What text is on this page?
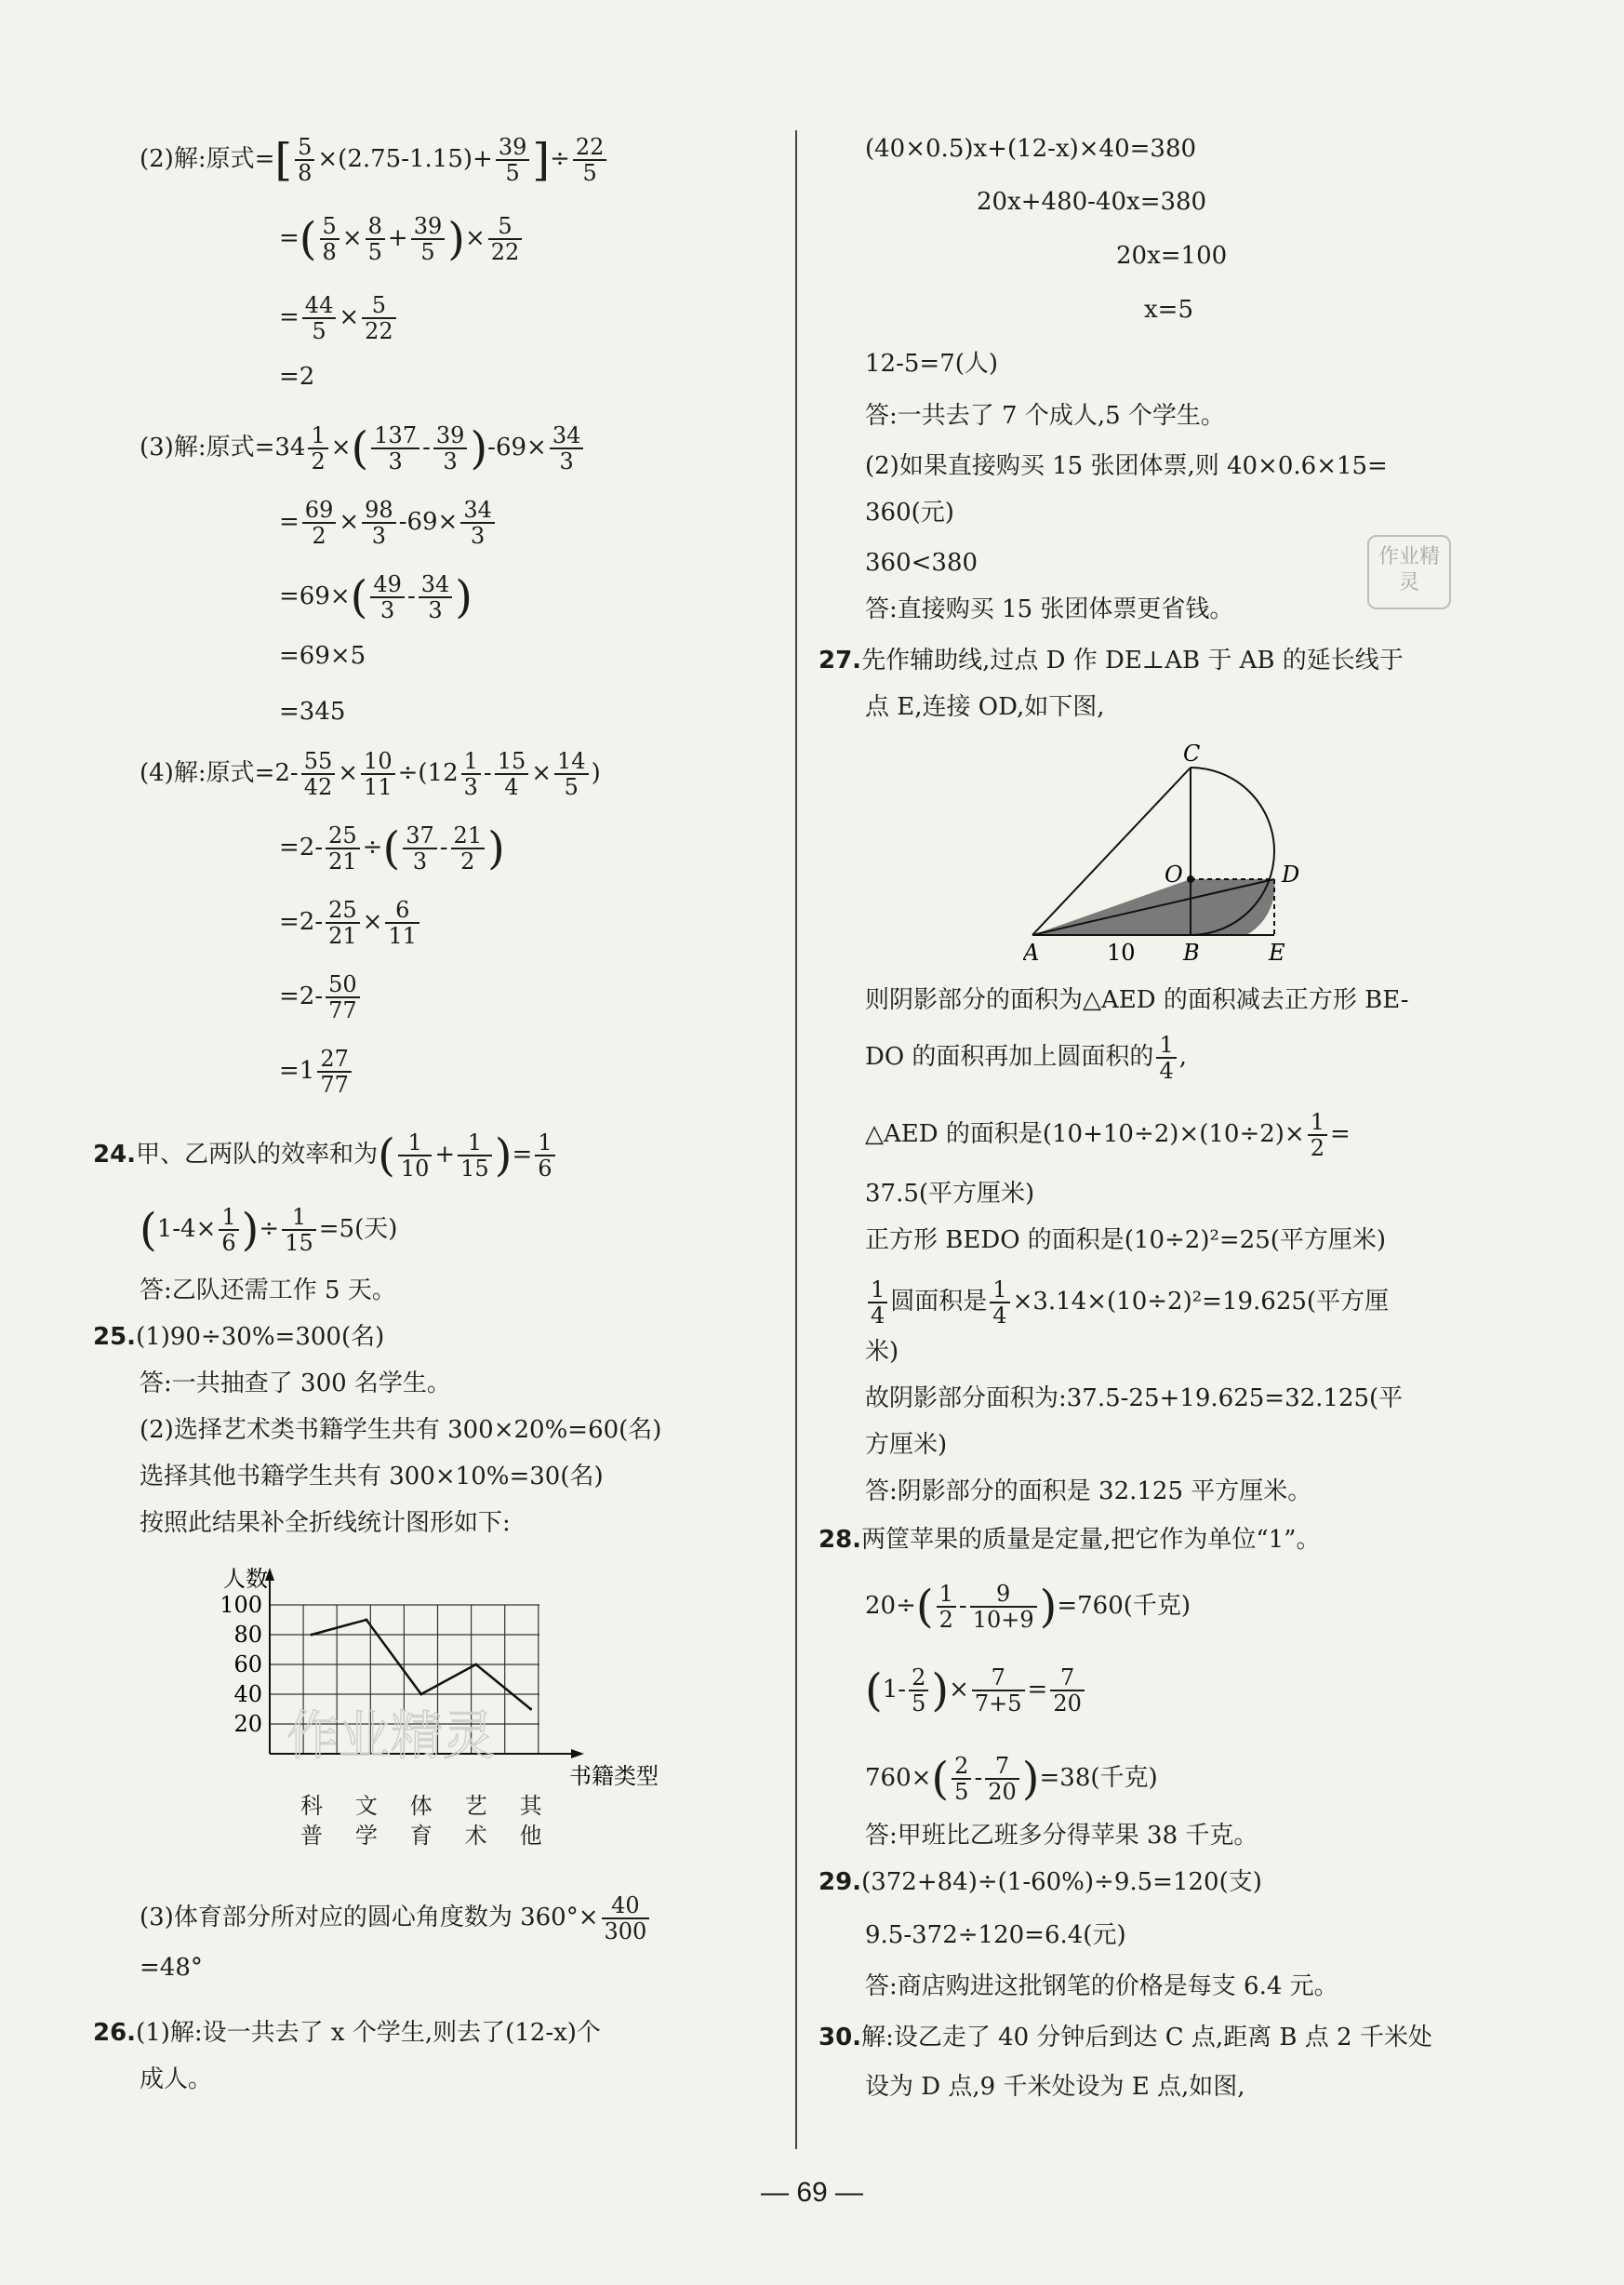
(2)解:原式=[ $\frac{5}{8} \times(2.75-1.15)+ \frac{39}{5}$ ]÷ $\frac{22}{5}$
=( $\frac{5}{8} \times \frac{8}{5} + \frac{39}{5}$ )× $\frac{5}{22}$
= $\frac{44}{5} \times \frac{5}{22}$
=2
(3)解:原式$=34 \frac{1}{2}$ ×( $\frac{137}{3} - \frac{39}{3} )-69\times \frac{34}{3}$
= $\frac{69}{2} \times \frac{98}{3} -69\times \frac{34}{3}$
$=69\times( \frac{49}{3} - \frac{34}{3}$ )
=69×5
=345
(4)解:原式$=2- \frac{55}{42} \times \frac{10}{11} \div(12 \frac{1}{3} - \frac{15}{4} \times \frac{14}{5}$ )
$=2- \frac{25}{21}$ ÷( $\frac{37}{3} - \frac{21}{2}$ )
$=2- \frac{25}{21} \times \frac{6}{11}$
$=2- \frac{50}{77}$
$=1 \frac{27}{77}$
24.甲、乙两队的效率和为( $\frac{1}{10} + \frac{1}{15}$ )= $\frac{1}{6}$
($1-4\times \frac{1}{6}$ )÷ $\frac{1}{15} =5$(天)
答:乙队还需工作 5 天。
25.(1)90÷30%=300(名)
答:一共抽查了 300 名学生。
(2)选择艺术类书籍学生共有 300×20%=60(名)
选择其他书籍学生共有 300×10%=30(名)
按照此结果补全折线统计图形如下:
20
40
60
80
100
人数
书籍类型
作业精灵
科普
文学
体育
艺术
其他
(3)体育部分所对应的圆心角度数为 $360^\circ\times \frac{40}{300}$
=48°
26.(1)解:设一共去了 x 个学生,则去了(12-x)个
成人。
(40×0.5)x+(12-x)×40=380
20x+480-40x=380
20x=100
x=5
12-5=7(人)
答:一共去了 7 个成人,5 个学生。
(2)如果直接购买 15 张团体票,则 40×0.6×15=
360(元)
360<380
答:直接购买 15 张团体票更省钱。
作业精灵
27.先作辅助线,过点 D 作 DE⊥AB 于 AB 的延长线于
点 E,连接 OD,如下图,
C
O	D
A	B	E
10
则阴影部分的面积为△AED 的面积减去正方形 BE-
DO 的面积再加上圆面积的 $\frac{1}{4}$ ,
△AED 的面积是$(10+10\div 2)\times(10\div 2)\times \frac{1}{2}$ =
37.5(平方厘米)
正方形 BEDO 的面积是(10÷2)²=25(平方厘米)
$\frac{1}{4}$ 圆面积是 $\frac{1}{4} \times 3.14\times(10\div 2)^2=19.625$(平方厘
米)
故阴影部分面积为:37.5-25+19.625=32.125(平
方厘米)
答:阴影部分的面积是 32.125 平方厘米。
28.两筐苹果的质量是定量,把它作为单位“1”。
$20\div( \frac{1}{2} - \frac{9}{10+9} )=760$(千克)
($1- \frac{2}{5}$ )× $\frac{7}{7+5} = \frac{7}{20}$
$760\times( \frac{2}{5} - \frac{7}{20} )=38$(千克)
答:甲班比乙班多分得苹果 38 千克。
29.(372+84)÷(1-60%)÷9.5=120(支)
9.5-372÷120=6.4(元)
答:商店购进这批钢笔的价格是每支 6.4 元。
30.解:设乙走了 40 分钟后到达 C 点,距离 B 点 2 千米处
设为 D 点,9 千米处设为 E 点,如图,
— 69 —
